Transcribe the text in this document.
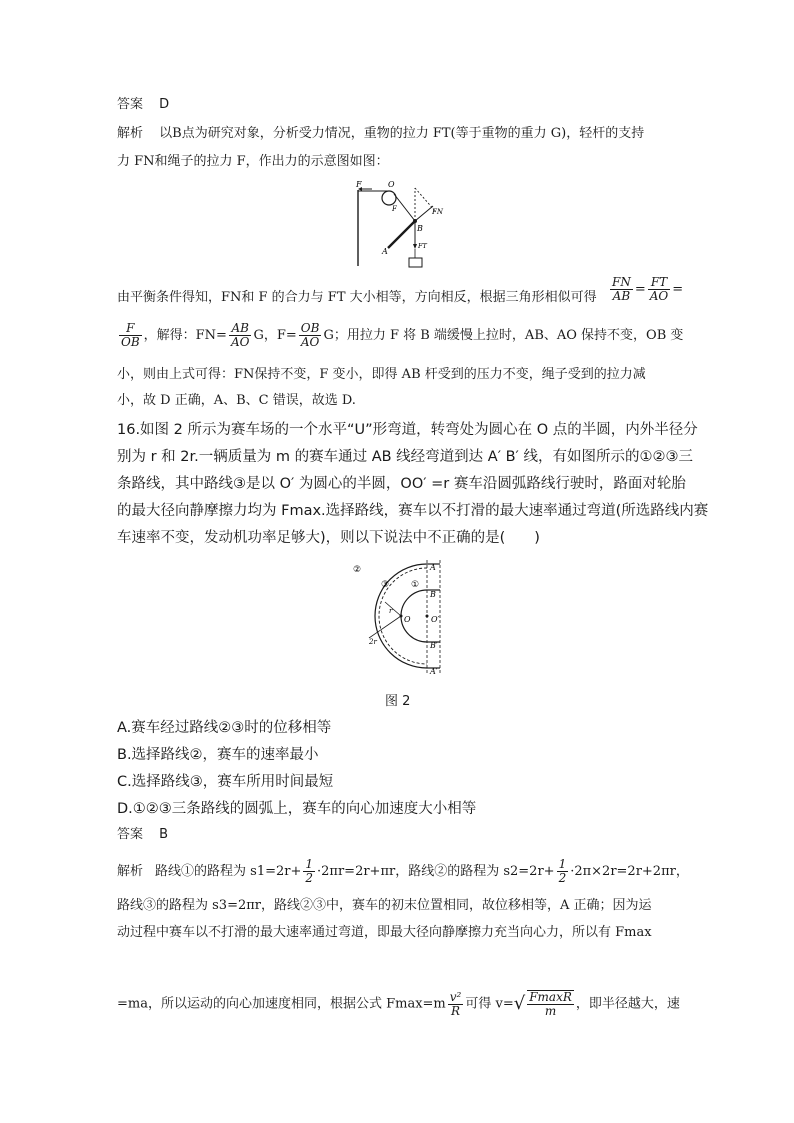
答案 D
解析 以B点为研究对象，分析受力情况，重物的拉力 FT(等于重物的重力 G)，轻杆的支持
力 FN和绳子的拉力 F，作出力的示意图如图：
F	O
FN
F
B
A
FT
由平衡条件得知，FN和 F 的合力与 FT 大小相等，方向相反，根据三角形相似可得 $\frac{FN}{AB} = \frac{FT}{AO}$ =
$\frac{F}{OB}$ ，解得：$FN= \frac{AB}{AO}$ G，$F= \frac{OB}{AO}$ G；用拉力 F 将 B 端缓慢上拉时，AB、AO 保持不变，OB 变
小，则由上式可得：FN保持不变，F 变小，即得 AB 杆受到的压力不变，绳子受到的拉力减
小，故 D 正确，A、B、C 错误，故选 D.
16.如图 2 所示为赛车场的一个水平“U”形弯道，转弯处为圆心在 O 点的半圆，内外半径分
别为 r 和 2r.一辆质量为 m 的赛车通过 AB 线经弯道到达 A′ B′ 线，有如图所示的①②③三
条路线，其中路线③是以 O′ 为圆心的半圆，OO′ =r 赛车沿圆弧路线行驶时，路面对轮胎
的最大径向静摩擦力均为 Fmax.选择路线，赛车以不打滑的最大速率通过弯道(所选路线内赛
车速率不变，发动机功率足够大)，则以下说法中不正确的是(　　)
②
③ ①
A
B
O	O′
B′
A′
r
2r
图 2
A.赛车经过路线②③时的位移相等
B.选择路线②，赛车的速率最小
C.选择路线③，赛车所用时间最短
D.①②③三条路线的圆弧上，赛车的向心加速度大小相等
答案 B
解析 路线①的路程为 $s1=2r+ \frac{1}{2} \cdot 2\pi r=2r+\pi r$，路线②的路程为 $s2=2r+ \frac{1}{2} \cdot 2\pi\times 2r=2r+2\pi r$，
路线③的路程为 s3=2πr，路线②③中，赛车的初末位置相同，故位移相等，A 正确；因为运
动过程中赛车以不打滑的最大速率通过弯道，即最大径向静摩擦力充当向心力，所以有 Fmax
=ma，所以运动的向心加速度相同，根据公式 $Fmax=m \frac{\text{v²}}{R}$ 可得 $v=√ \frac{FmaxR}{m}$ ，即半径越大，速
